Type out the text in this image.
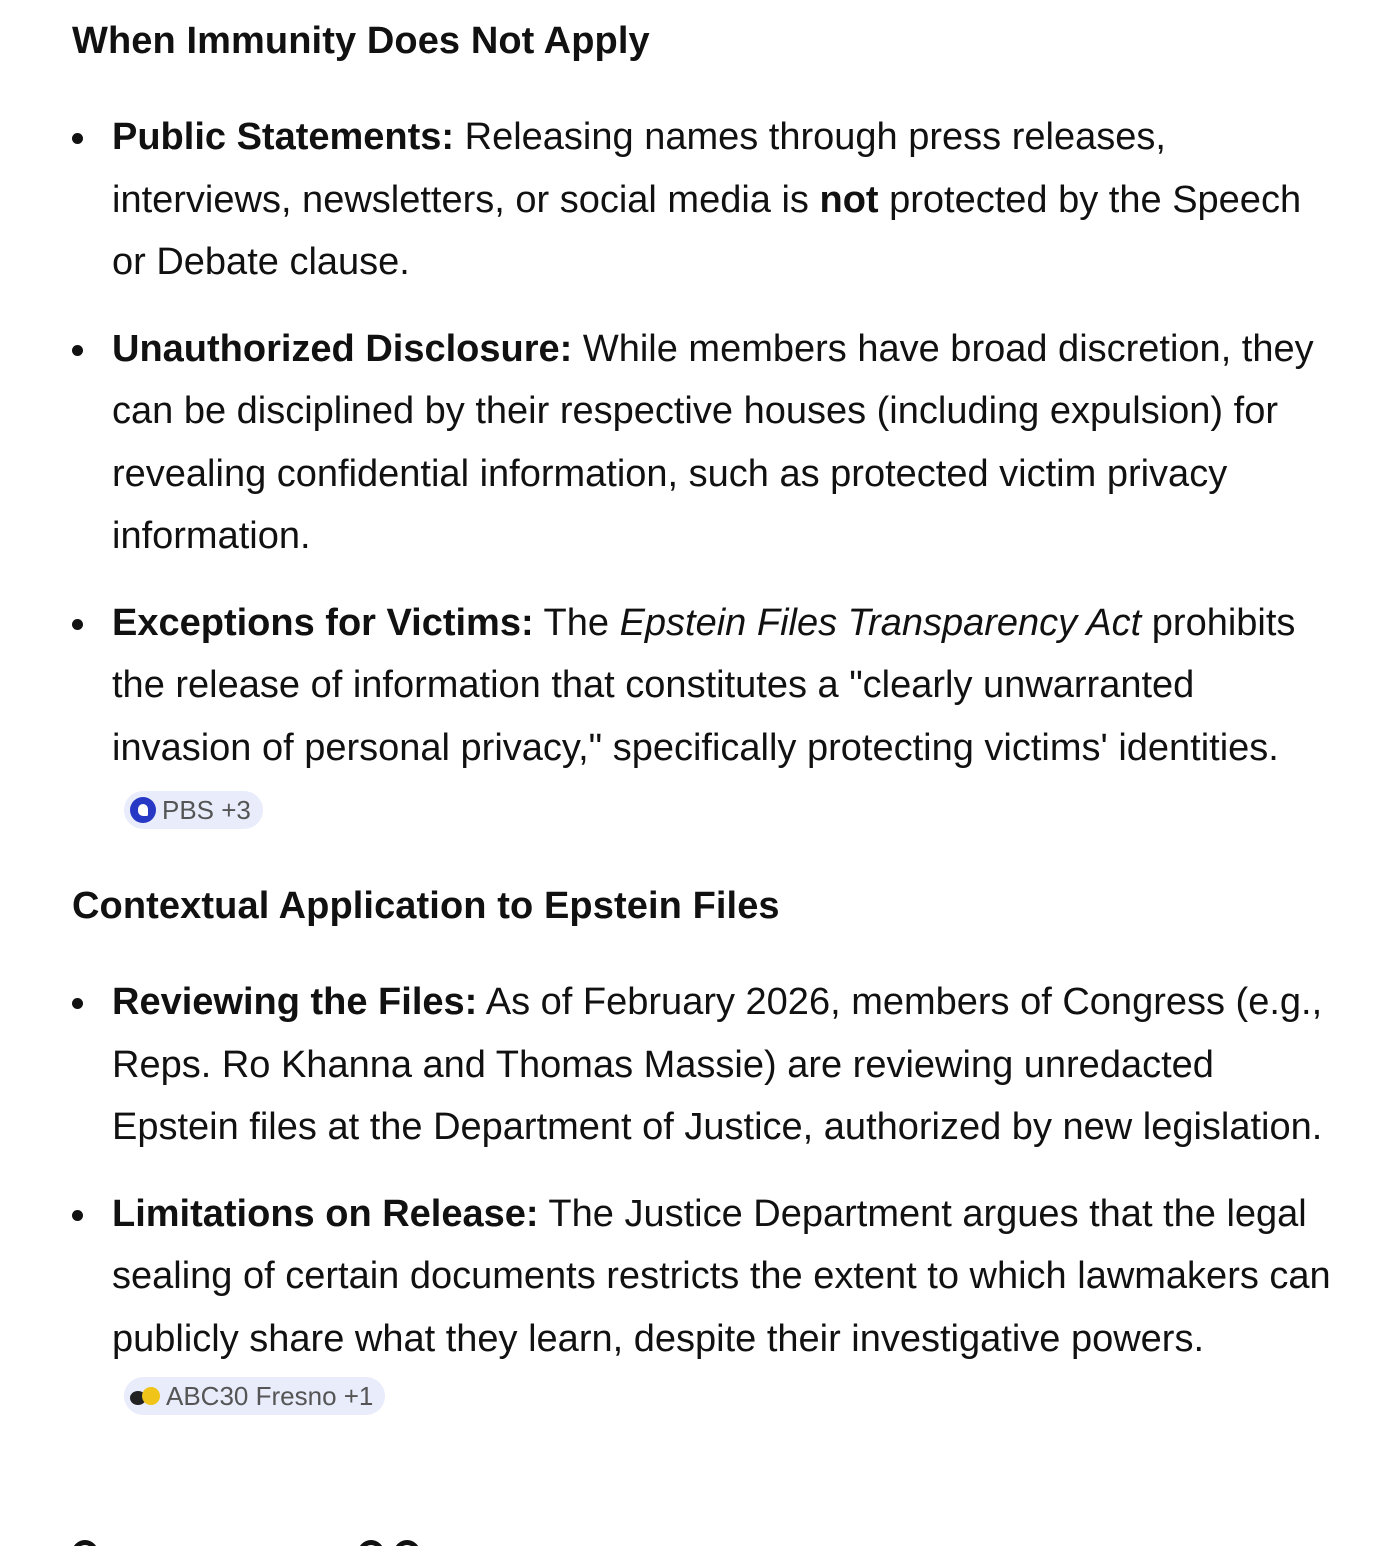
When Immunity Does Not Apply
Public Statements: Releasing names through press releases, interviews, newsletters, or social media is not protected by the Speech or Debate clause.
Unauthorized Disclosure: While members have broad discretion, they can be disciplined by their respective houses (including expulsion) for revealing confidential information, such as protected victim privacy information.
Exceptions for Victims: The Epstein Files Transparency Act prohibits the release of information that constitutes a "clearly unwarranted invasion of personal privacy," specifically protecting victims' identities.
PBS +3
Contextual Application to Epstein Files
Reviewing the Files: As of February 2026, members of Congress (e.g., Reps. Ro Khanna and Thomas Massie) are reviewing unredacted Epstein files at the Department of Justice, authorized by new legislation.
Limitations on Release: The Justice Department argues that the legal sealing of certain documents restricts the extent to which lawmakers can publicly share what they learn, despite their investigative powers.
ABC30 Fresno +1
